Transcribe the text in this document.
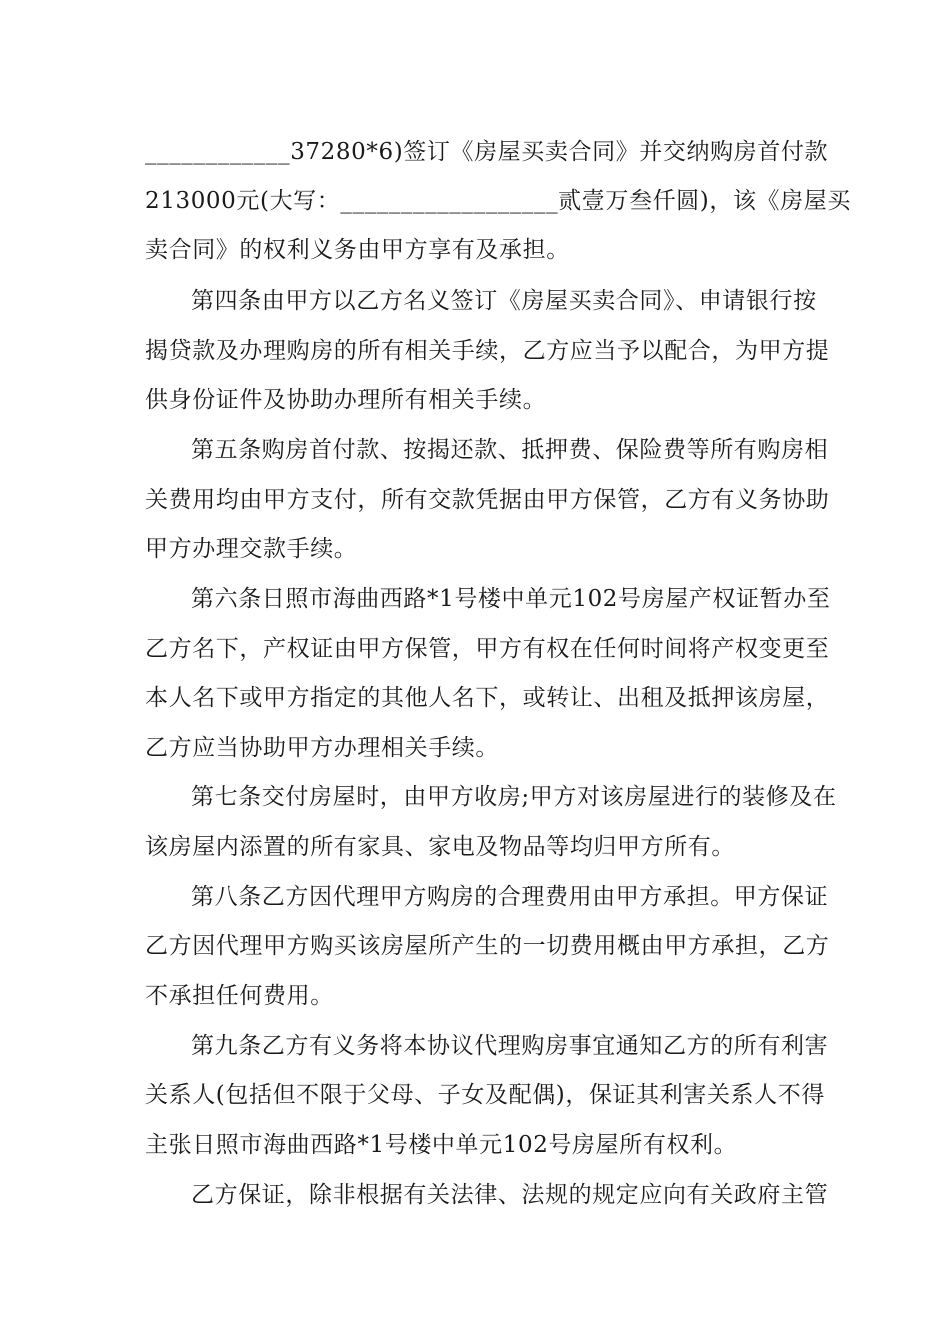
____________37280*6)签订《房屋买卖合同》并交纳购房首付款
213000元(大写：__________________贰壹万叁仟圆)，该《房屋买
卖合同》的权利义务由甲方享有及承担。
第四条由甲方以乙方名义签订《房屋买卖合同》、申请银行按
揭贷款及办理购房的所有相关手续，乙方应当予以配合，为甲方提
供身份证件及协助办理所有相关手续。
第五条购房首付款、按揭还款、抵押费、保险费等所有购房相
关费用均由甲方支付，所有交款凭据由甲方保管，乙方有义务协助
甲方办理交款手续。
第六条日照市海曲西路*1号楼中单元102号房屋产权证暂办至
乙方名下，产权证由甲方保管，甲方有权在任何时间将产权变更至
本人名下或甲方指定的其他人名下，或转让、出租及抵押该房屋，
乙方应当协助甲方办理相关手续。
第七条交付房屋时，由甲方收房;甲方对该房屋进行的装修及在
该房屋内添置的所有家具、家电及物品等均归甲方所有。
第八条乙方因代理甲方购房的合理费用由甲方承担。甲方保证
乙方因代理甲方购买该房屋所产生的一切费用概由甲方承担，乙方
不承担任何费用。
第九条乙方有义务将本协议代理购房事宜通知乙方的所有利害
关系人(包括但不限于父母、子女及配偶)，保证其利害关系人不得
主张日照市海曲西路*1号楼中单元102号房屋所有权利。
乙方保证，除非根据有关法律、法规的规定应向有关政府主管
